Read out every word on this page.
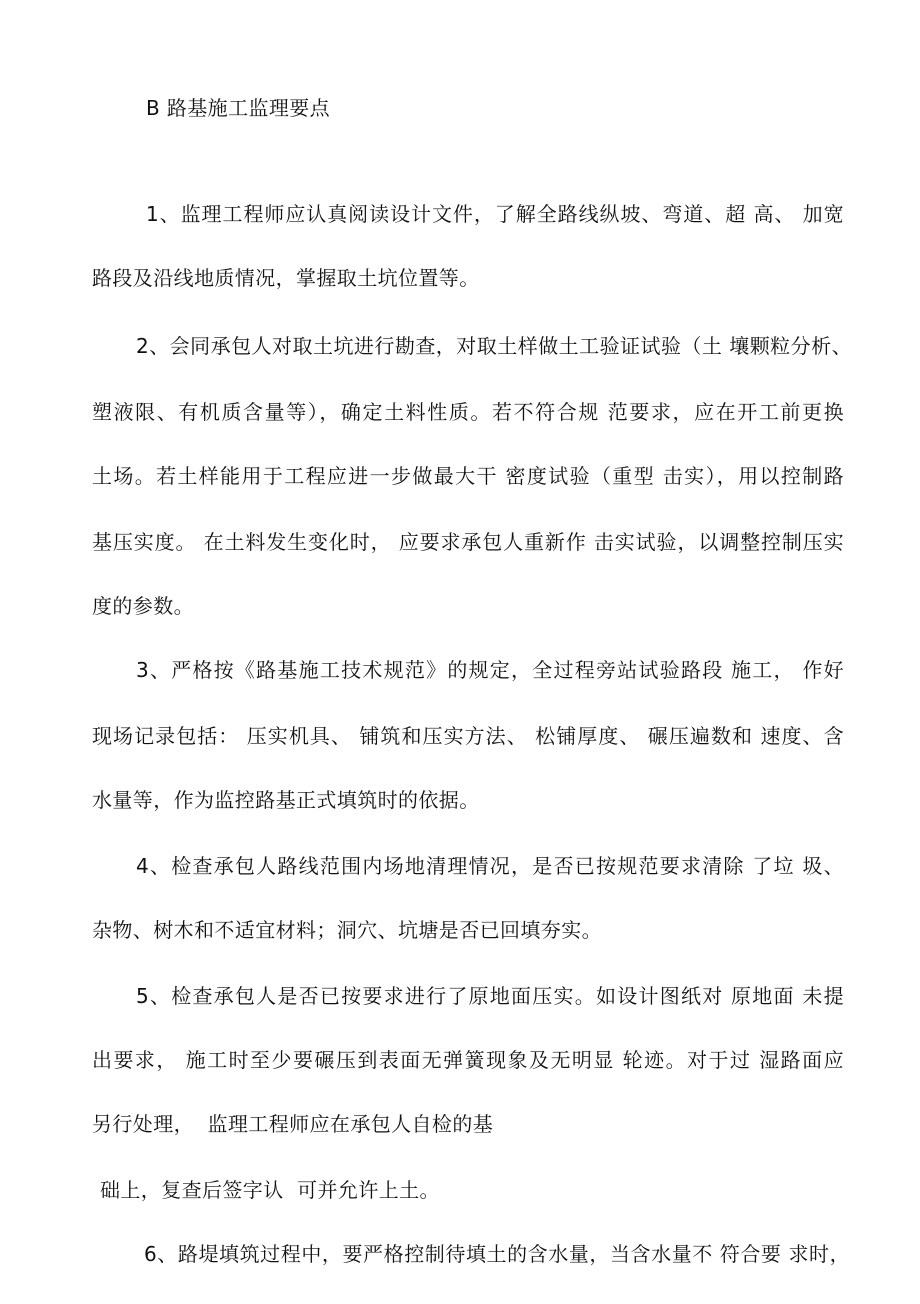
B 路基施工监理要点
1、监理工程师应认真阅读设计文件，了解全路线纵坡、弯道、超 高、 加宽
路段及沿线地质情况，掌握取土坑位置等。
2、会同承包人对取土坑进行勘查，对取土样做土工验证试验（土 壤颗粒分析、
塑液限、有机质含量等），确定土料性质。若不符合规 范要求，应在开工前更换
土场。若土样能用于工程应进一步做最大干 密度试验（重型 击实），用以控制路
基压实度。 在土料发生变化时， 应要求承包人重新作 击实试验，以调整控制压实
度的参数。
3、严格按《路基施工技术规范》的规定，全过程旁站试验路段 施工， 作好
现场记录包括： 压实机具、 铺筑和压实方法、 松铺厚度、 碾压遍数和 速度、含
水量等，作为监控路基正式填筑时的依据。
4、检查承包人路线范围内场地清理情况，是否已按规范要求清除 了垃 圾、
杂物、树木和不适宜材料；洞穴、坑塘是否已回填夯实。
5、检查承包人是否已按要求进行了原地面压实。如设计图纸对 原地面 未提
出要求， 施工时至少要碾压到表面无弹簧现象及无明显 轮迹。对于过 湿路面应
另行处理，  监理工程师应在承包人自检的基
础上，复查后签字认  可并允许上土。
6、路堤填筑过程中，要严格控制待填土的含水量，当含水量不 符合要 求时，
